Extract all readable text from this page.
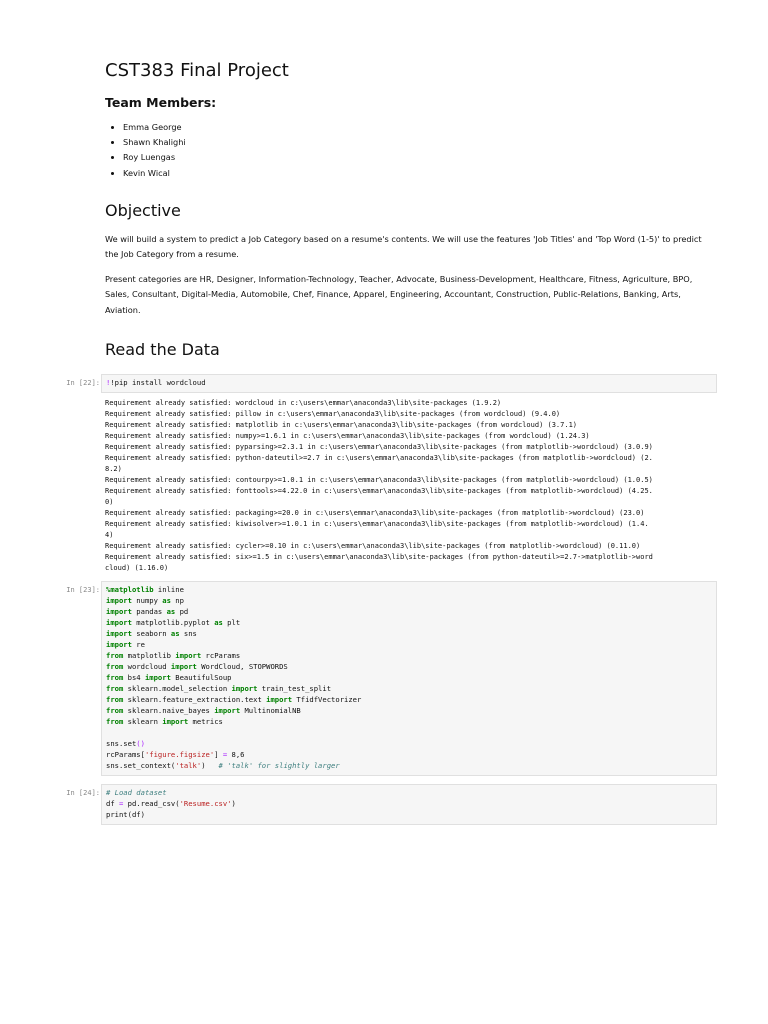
CST383 Final Project
Team Members:
• Emma George
• Shawn Khalighi
• Roy Luengas
• Kevin Wical
Objective

We will build a system to predict a Job Category based on a resume's contents. We will use the features 'Job Titles' and 'Top Word (1-5)' to predict the Job Category from a resume.

Present categories are HR, Designer, Information-Technology, Teacher, Advocate, Business-Development, Healthcare, Fitness, Agriculture, BPO, Sales, Consultant, Digital-Media, Automobile, Chef, Finance, Apparel, Engineering, Accountant, Construction, Public-Relations, Banking, Arts, Aviation.

Read the Data
In [22]: !!pip install wordcloud
Requirement already satisfied: wordcloud in c:\users\emmar\anaconda3\lib\site-packages (1.9.2)
Requirement already satisfied: pillow in c:\users\emmar\anaconda3\lib\site-packages (from wordcloud) (9.4.0)
Requirement already satisfied: matplotlib in c:\users\emmar\anaconda3\lib\site-packages (from wordcloud) (3.7.1)
Requirement already satisfied: numpy>=1.6.1 in c:\users\emmar\anaconda3\lib\site-packages (from wordcloud) (1.24.3)
Requirement already satisfied: pyparsing>=2.3.1 in c:\users\emmar\anaconda3\lib\site-packages (from matplotlib->wordcloud) (3.0.9)
Requirement already satisfied: python-dateutil>=2.7 in c:\users\emmar\anaconda3\lib\site-packages (from matplotlib->wordcloud) (2.
8.2)
Requirement already satisfied: contourpy>=1.0.1 in c:\users\emmar\anaconda3\lib\site-packages (from matplotlib->wordcloud) (1.0.5)
Requirement already satisfied: fonttools>=4.22.0 in c:\users\emmar\anaconda3\lib\site-packages (from matplotlib->wordcloud) (4.25.
0)
Requirement already satisfied: packaging>=20.0 in c:\users\emmar\anaconda3\lib\site-packages (from matplotlib->wordcloud) (23.0)
Requirement already satisfied: kiwisolver>=1.0.1 in c:\users\emmar\anaconda3\lib\site-packages (from matplotlib->wordcloud) (1.4.
4)
Requirement already satisfied: cycler>=0.10 in c:\users\emmar\anaconda3\lib\site-packages (from matplotlib->wordcloud) (0.11.0)
Requirement already satisfied: six>=1.5 in c:\users\emmar\anaconda3\lib\site-packages (from python-dateutil>=2.7->matplotlib->word
cloud) (1.16.0)
In [23]: %matplotlib inline
import numpy as np
import pandas as pd
import matplotlib.pyplot as plt
import seaborn as sns
import re
from matplotlib import rcParams
from wordcloud import WordCloud, STOPWORDS
from bs4 import BeautifulSoup
from sklearn.model_selection import train_test_split
from sklearn.feature_extraction.text import TfidfVectorizer
from sklearn.naive_bayes import MultinomialNB
from sklearn import metrics

sns.set()
rcParams['figure.figsize'] = 8,6
sns.set_context('talk')   # 'talk' for slightly larger
In [24]: # Load dataset
df = pd.read_csv('Resume.csv')
print(df)
